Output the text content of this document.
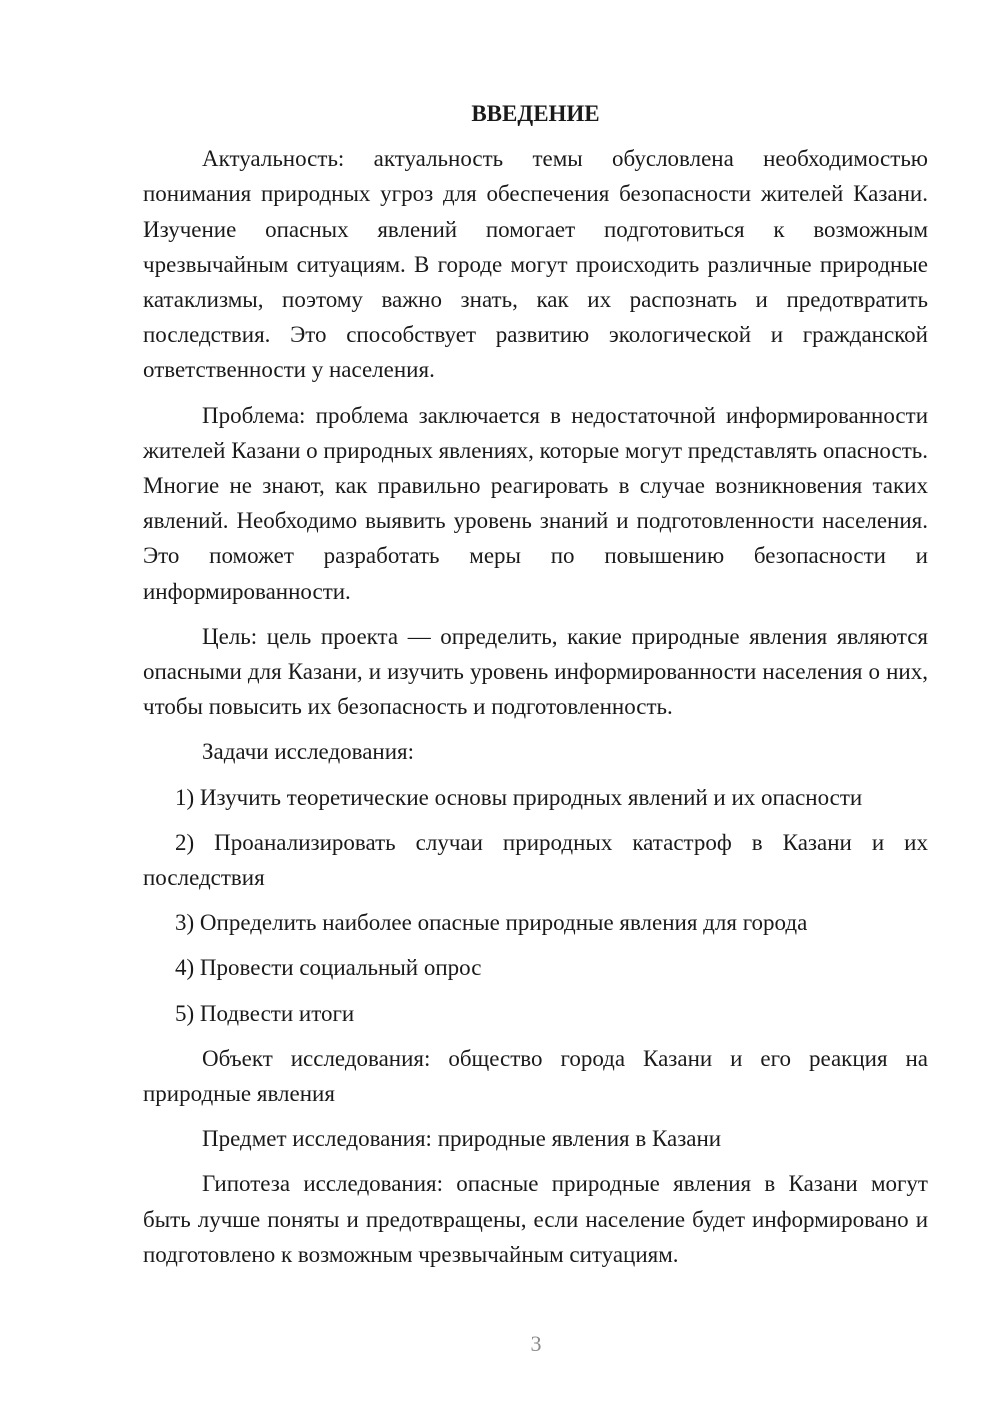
ВВЕДЕНИЕ

Актуальность: актуальность темы обусловлена необходимостью понимания природных угроз для обеспечения безопасности жителей Казани. Изучение опасных явлений помогает подготовиться к возможным чрезвычайным ситуациям. В городе могут происходить различные природные катаклизмы, поэтому важно знать, как их распознать и предотвратить последствия. Это способствует развитию экологической и гражданской ответственности у населения.

Проблема: проблема заключается в недостаточной информированности жителей Казани о природных явлениях, которые могут представлять опасность. Многие не знают, как правильно реагировать в случае возникновения таких явлений. Необходимо выявить уровень знаний и подготовленности населения. Это поможет разработать меры по повышению безопасности и информированности.

Цель: цель проекта — определить, какие природные явления являются опасными для Казани, и изучить уровень информированности населения о них, чтобы повысить их безопасность и подготовленность.

Задачи исследования:

1) Изучить теоретические основы природных явлений и их опасности

2) Проанализировать случаи природных катастроф в Казани и их последствия

3) Определить наиболее опасные природные явления для города

4) Провести социальный опрос

5) Подвести итоги

Объект исследования: общество города Казани и его реакция на природные явления

Предмет исследования: природные явления в Казани

Гипотеза исследования: опасные природные явления в Казани могут быть лучше поняты и предотвращены, если население будет информировано и подготовлено к возможным чрезвычайным ситуациям.

3
